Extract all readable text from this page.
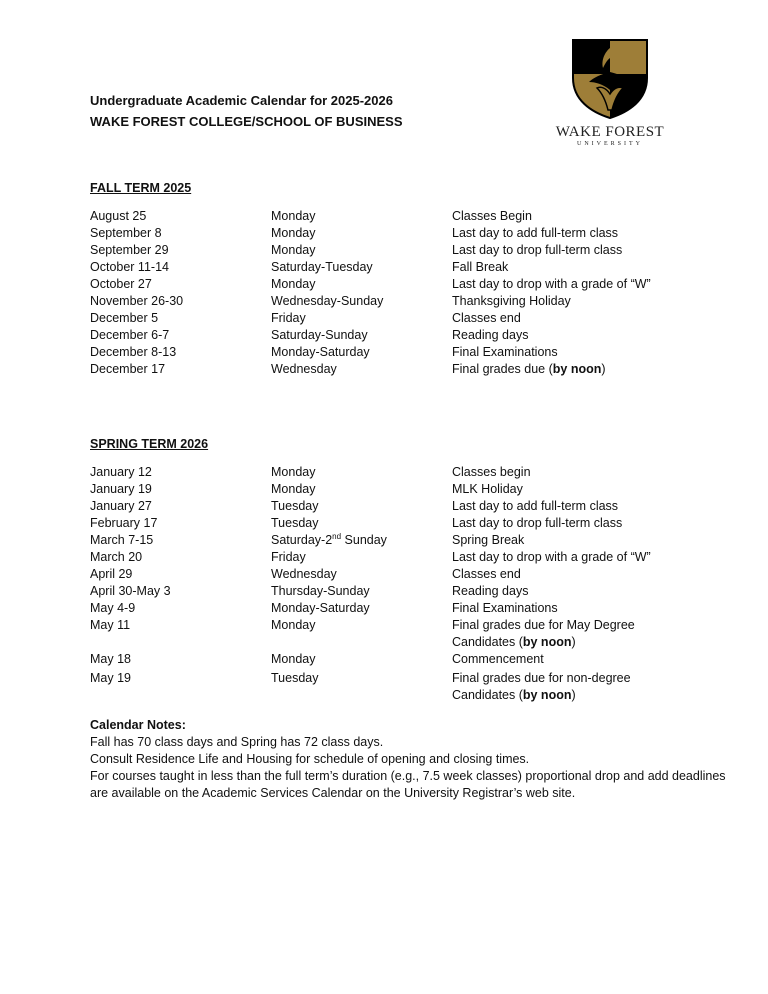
Undergraduate Academic Calendar for 2025-2026
WAKE FOREST COLLEGE/SCHOOL OF BUSINESS
WAKE FOREST
UNIVERSITY
FALL TERM 2025
August 25	Monday	Classes Begin
September 8	Monday	Last day to add full-term class
September 29	Monday	Last day to drop full-term class
October 11-14	Saturday-Tuesday	Fall Break
October 27	Monday	Last day to drop with a grade of “W”
November 26-30	Wednesday-Sunday	Thanksgiving Holiday
December 5	Friday	Classes end
December 6-7	Saturday-Sunday	Reading days
December 8-13	Monday-Saturday	Final Examinations
December 17	Wednesday	Final grades due (by noon)
SPRING TERM 2026
January 12	Monday	Classes begin
January 19	Monday	MLK Holiday
January 27	Tuesday	Last day to add full-term class
February 17	Tuesday	Last day to drop full-term class
March 7-15	Saturday-2nd Sunday	Spring Break
March 20	Friday	Last day to drop with a grade of “W”
April 29	Wednesday	Classes end
April 30-May 3	Thursday-Sunday	Reading days
May 4-9	Monday-Saturday	Final Examinations
May 11	Monday	Final grades due for May Degree
Candidates (by noon)
May 18	Monday	Commencement
May 19	Tuesday	Final grades due for non-degree
Candidates (by noon)
Calendar Notes:
Fall has 70 class days and Spring has 72 class days.
Consult Residence Life and Housing for schedule of opening and closing times.
For courses taught in less than the full term’s duration (e.g., 7.5 week classes) proportional drop and add deadlines are available on the Academic Services Calendar on the University Registrar’s web site.
